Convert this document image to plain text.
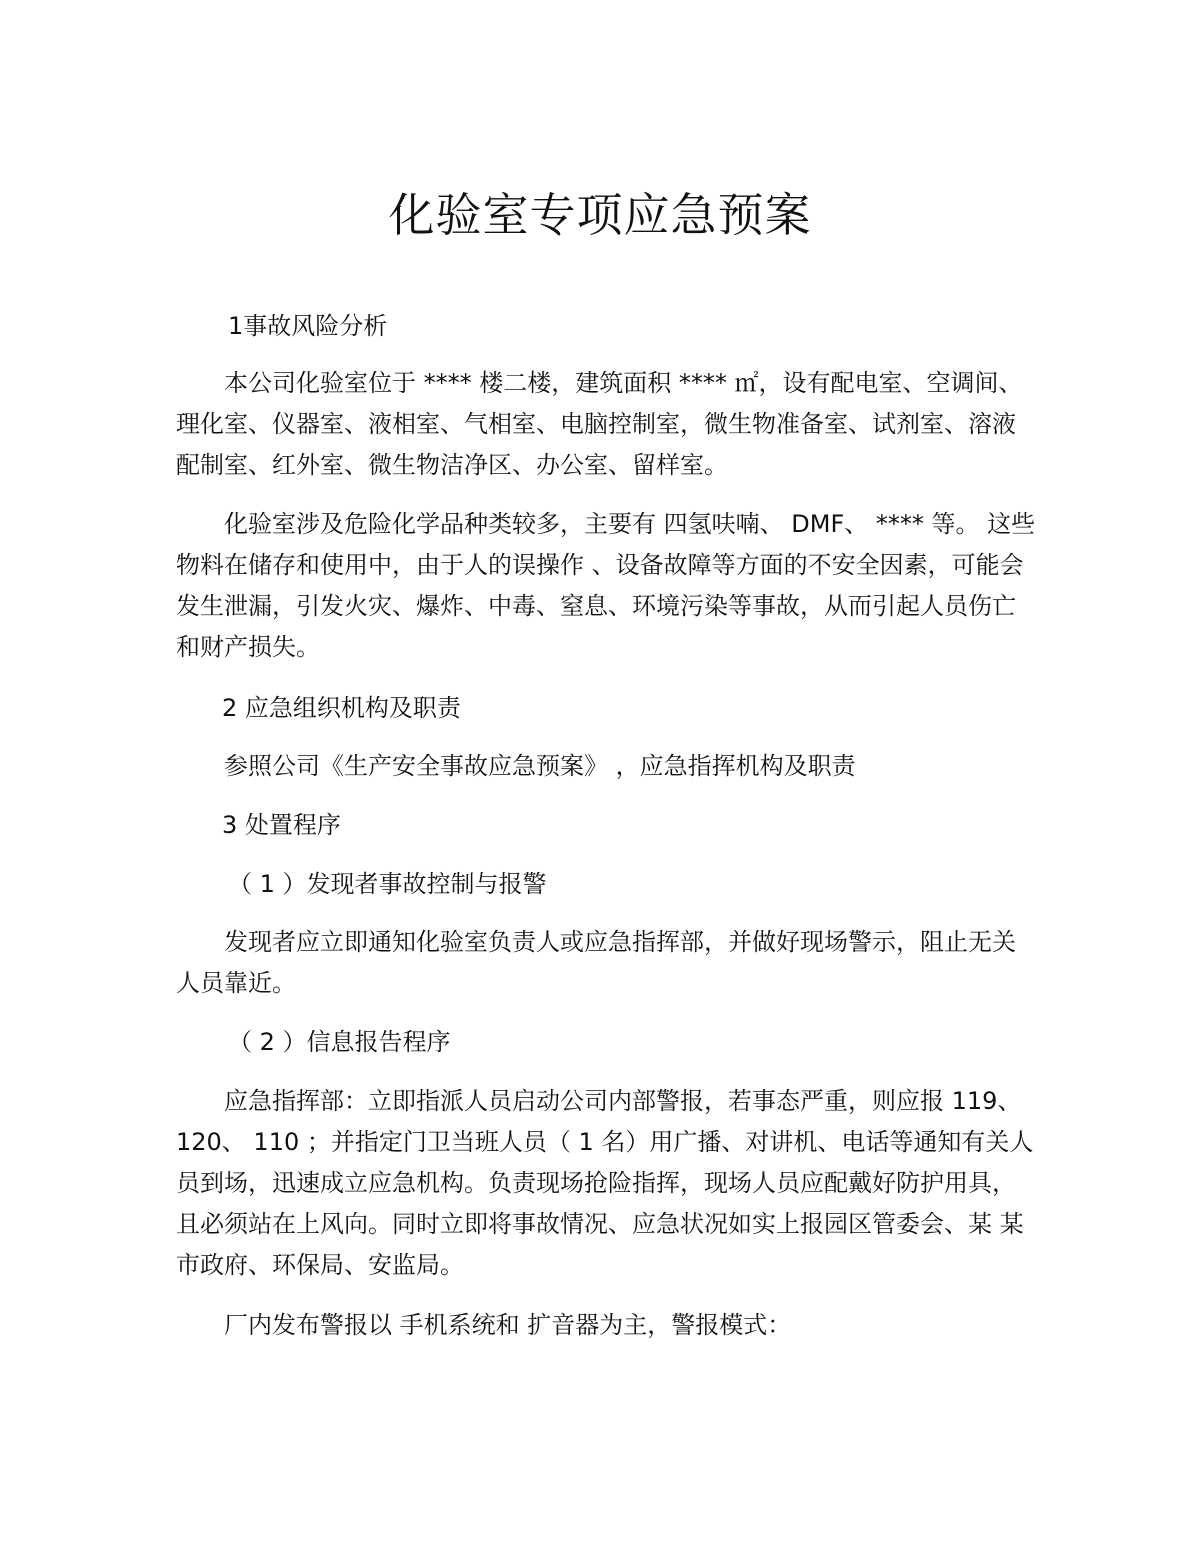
化验室专项应急预案

1事故风险分析

本公司化验室位于 **** 楼二楼，建筑面积 **** ㎡，设有配电室、空调间、理化室、仪器室、液相室、气相室、电脑控制室，微生物准备室、试剂室、溶液配制室、红外室、微生物洁净区、办公室、留样室。

化验室涉及危险化学品种类较多，主要有 四氢呋喃、 DMF、 **** 等。 这些物料在储存和使用中，由于人的误操作 、设备故障等方面的不安全因素，可能会发生泄漏，引发火灾、爆炸、中毒、窒息、环境污染等事故，从而引起人员伤亡和财产损失。

2 应急组织机构及职责

参照公司《生产安全事故应急预案》 ，应急指挥机构及职责

3 处置程序

（ 1 ）发现者事故控制与报警

发现者应立即通知化验室负责人或应急指挥部，并做好现场警示，阻止无关人员靠近。

（ 2 ）信息报告程序

应急指挥部：立即指派人员启动公司内部警报，若事态严重，则应报 119、 120、 110 ；并指定门卫当班人员（ 1 名）用广播、对讲机、电话等通知有关人员到场，迅速成立应急机构。负责现场抢险指挥，现场人员应配戴好防护用具，且必须站在上风向。同时立即将事故情况、应急状况如实上报园区管委会、某 某市政府、环保局、安监局。

厂内发布警报以 手机系统和 扩音器为主，警报模式：
